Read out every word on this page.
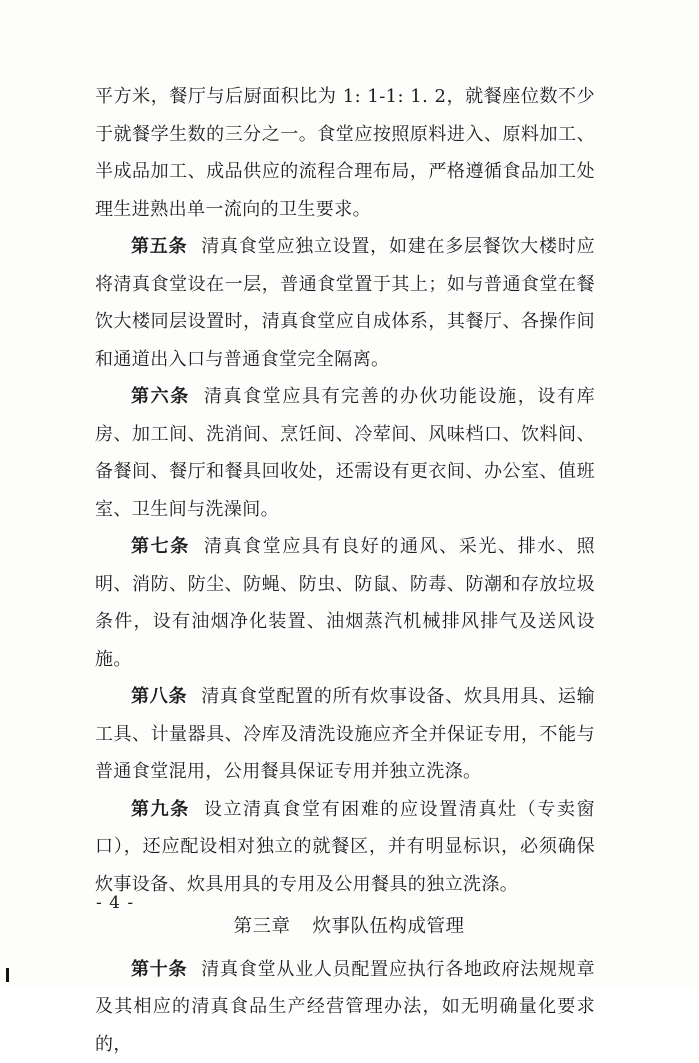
平方米，餐厅与后厨面积比为 1: 1-1: 1. 2，就餐座位数不少于就餐学生数的三分之一。食堂应按照原料进入、原料加工、半成品加工、成品供应的流程合理布局，严格遵循食品加工处理生进熟出单一流向的卫生要求。

第五条 清真食堂应独立设置，如建在多层餐饮大楼时应将清真食堂设在一层，普通食堂置于其上；如与普通食堂在餐饮大楼同层设置时，清真食堂应自成体系，其餐厅、各操作间和通道出入口与普通食堂完全隔离。

第六条 清真食堂应具有完善的办伙功能设施，设有库房、加工间、洗消间、烹饪间、冷荤间、风味档口、饮料间、备餐间、餐厅和餐具回收处，还需设有更衣间、办公室、值班室、卫生间与洗澡间。

第七条 清真食堂应具有良好的通风、采光、排水、照明、消防、防尘、防蝇、防虫、防鼠、防毒、防潮和存放垃圾条件，设有油烟净化装置、油烟蒸汽机械排风排气及送风设施。

第八条 清真食堂配置的所有炊事设备、炊具用具、运输工具、计量器具、冷库及清洗设施应齐全并保证专用，不能与普通食堂混用，公用餐具保证专用并独立洗涤。

第九条 设立清真食堂有困难的应设置清真灶（专卖窗口），还应配设相对独立的就餐区，并有明显标识，必须确保炊事设备、炊具用具的专用及公用餐具的独立洗涤。

第三章 炊事队伍构成管理

第十条 清真食堂从业人员配置应执行各地政府法规规章及其相应的清真食品生产经营管理办法，如无明确量化要求的，

- 4 -
